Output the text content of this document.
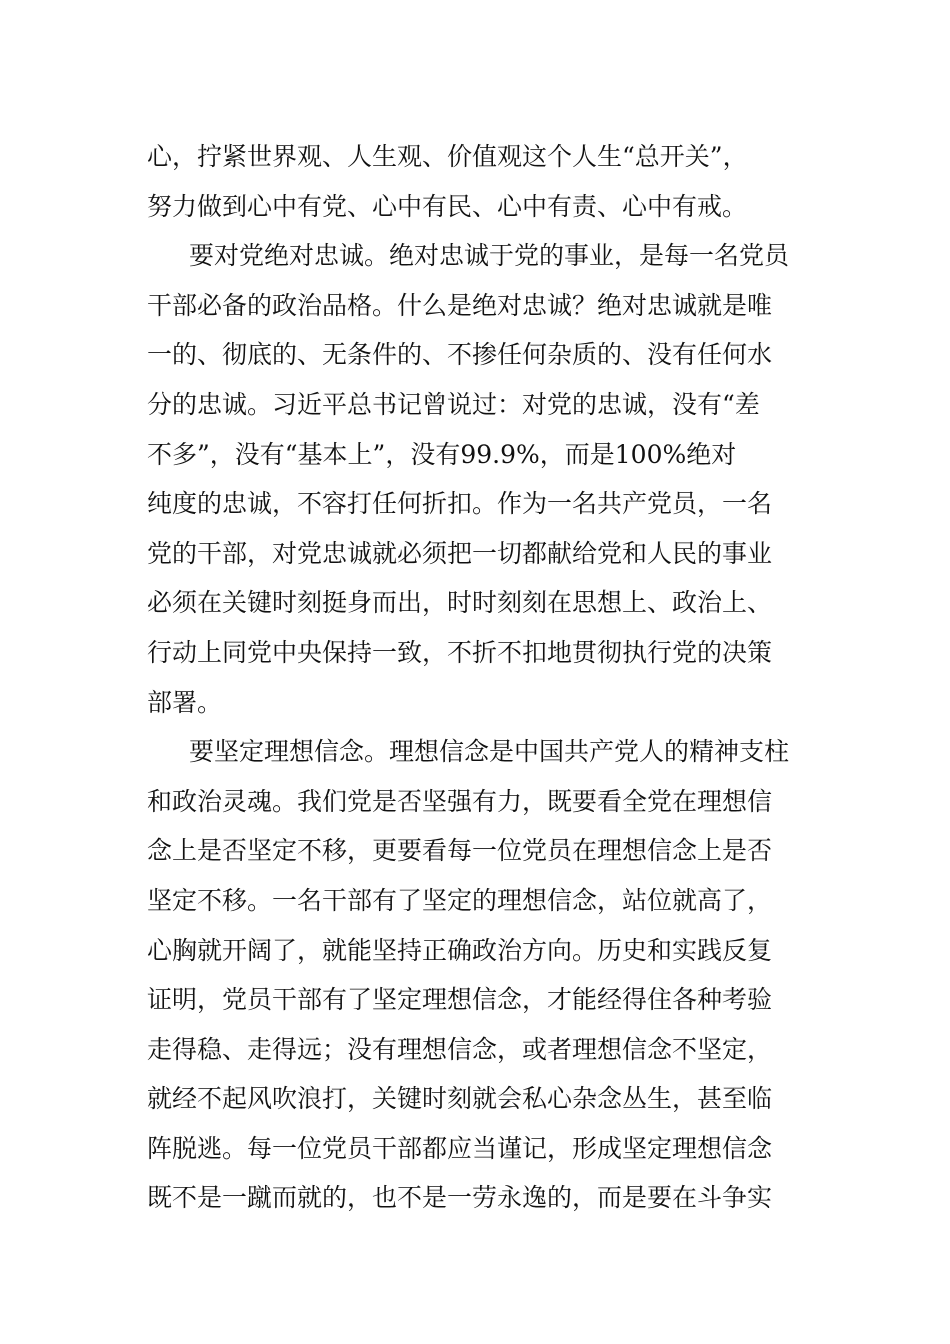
心，拧紧世界观、人生观、价值观这个人生“总开关”，
努力做到心中有党、心中有民、心中有责、心中有戒。
要对党绝对忠诚。绝对忠诚于党的事业，是每一名党员
干部必备的政治品格。什么是绝对忠诚？绝对忠诚就是唯
一的、彻底的、无条件的、不掺任何杂质的、没有任何水
分的忠诚。习近平总书记曾说过：对党的忠诚，没有“差
不多”，没有“基本上”，没有99.9%，而是100%绝对
纯度的忠诚，不容打任何折扣。作为一名共产党员，一名
党的干部，对党忠诚就必须把一切都献给党和人民的事业
必须在关键时刻挺身而出，时时刻刻在思想上、政治上、
行动上同党中央保持一致，不折不扣地贯彻执行党的决策
部署。
要坚定理想信念。理想信念是中国共产党人的精神支柱
和政治灵魂。我们党是否坚强有力，既要看全党在理想信
念上是否坚定不移，更要看每一位党员在理想信念上是否
坚定不移。一名干部有了坚定的理想信念，站位就高了，
心胸就开阔了，就能坚持正确政治方向。历史和实践反复
证明，党员干部有了坚定理想信念，才能经得住各种考验
走得稳、走得远；没有理想信念，或者理想信念不坚定，
就经不起风吹浪打，关键时刻就会私心杂念丛生，甚至临
阵脱逃。每一位党员干部都应当谨记，形成坚定理想信念
既不是一蹴而就的，也不是一劳永逸的，而是要在斗争实
